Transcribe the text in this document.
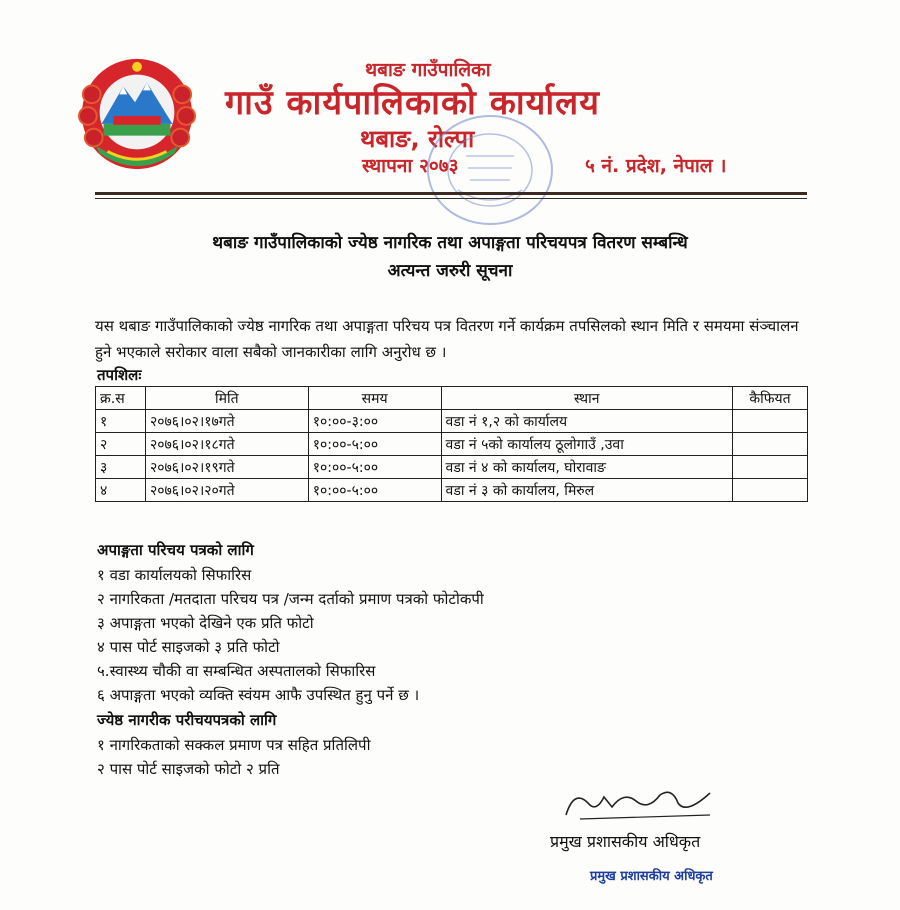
थबाङ गाउँपालिका
गाउँ कार्यपालिकाको कार्यालय
थबाङ, रोल्पा
स्थापना २०७३	५ नं. प्रदेश, नेपाल ।
थबाङ गाउँपालिकाको ज्येष्ठ नागरिक तथा अपाङ्गता परिचयपत्र वितरण सम्बन्धि
अत्यन्त जरुरी सूचना
यस थबाङ गाउँपालिकाको ज्येष्ठ नागरिक तथा अपाङ्गता परिचय पत्र वितरण गर्ने कार्यक्रम तपसिलको स्थान मिति र समयमा संञ्चालन हुने भएकाले सरोकार वाला सबैको जानकारीका लागि अनुरोध छ ।
तपशिलः
क्र.स	मिति	समय	स्थान	कैफियत
१	२०७६।०२।१७गते	१०:००-३:००	वडा नं १,२ को कार्यालय	
२	२०७६।०२।१८गते	१०:००-५:००	वडा नं ५को कार्यालय ठूलोगाउँ ,उवा	
३	२०७६।०२।१९गते	१०:००-५:००	वडा नं ४ को कार्यालय, घोरावाङ	
४	२०७६।०२।२०गते	१०:००-५:००	वडा नं ३ को कार्यालय, मिरुल	
अपाङ्गता परिचय पत्रको लागि
१ वडा कार्यालयको सिफारिस
२ नागरिकता /मतदाता परिचय पत्र /जन्म दर्ताको प्रमाण पत्रको फोटोकपी
३ अपाङ्गता भएको देखिने एक प्रति फोटो
४ पास पोर्ट साइजको ३ प्रति फोटो
५.स्वास्थ्य चौकी वा सम्बन्धित अस्पतालको सिफारिस
६ अपाङ्गता भएको व्यक्ति स्वंयम आफै उपस्थित हुनु पर्ने छ ।
ज्येष्ठ नागरीक परीचयपत्रको लागि
१ नागरिकताको सक्कल प्रमाण पत्र सहित प्रतिलिपी
२ पास पोर्ट साइजको फोटो २ प्रति
प्रमुख प्रशासकीय अधिकृत
प्रमुख प्रशासकीय अधिकृत
